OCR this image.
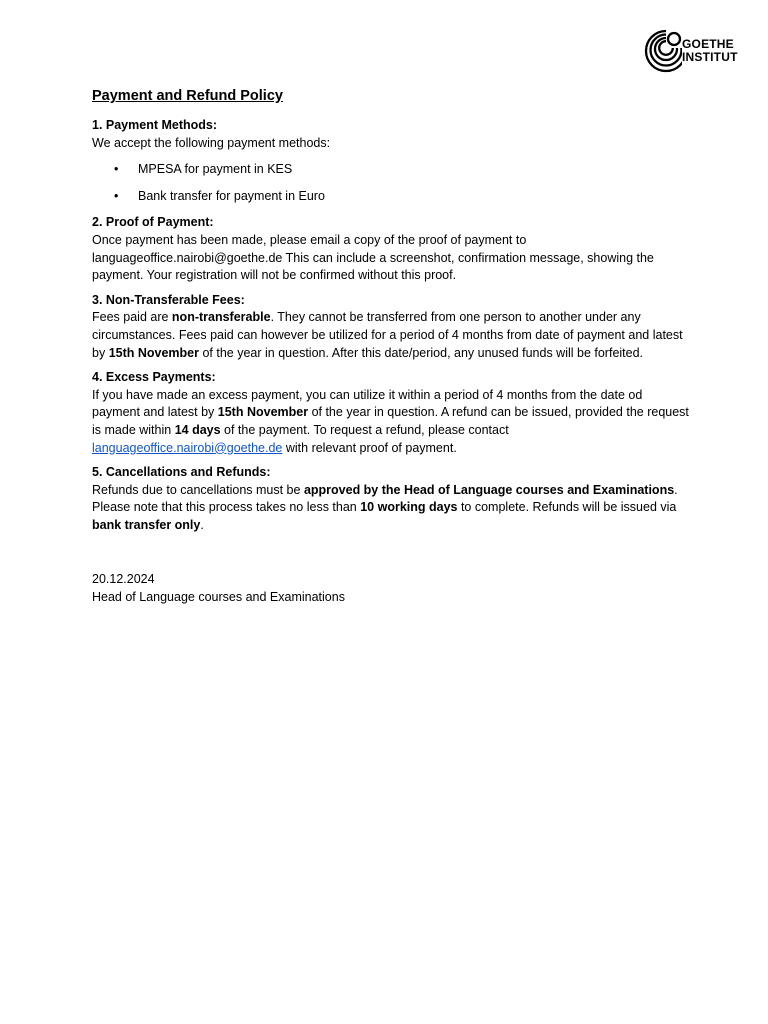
GOETHE
INSTITUT
Payment and Refund Policy
1. Payment Methods:
We accept the following payment methods:
• MPESA for payment in KES
• Bank transfer for payment in Euro
2. Proof of Payment:
Once payment has been made, please email a copy of the proof of payment to languageoffice.nairobi@goethe.de This can include a screenshot, confirmation message, showing the payment. Your registration will not be confirmed without this proof.
3. Non-Transferable Fees:
Fees paid are non-transferable. They cannot be transferred from one person to another under any circumstances. Fees paid can however be utilized for a period of 4 months from date of payment and latest by 15th November of the year in question. After this date/period, any unused funds will be forfeited.
4. Excess Payments:
If you have made an excess payment, you can utilize it within a period of 4 months from the date od payment and latest by 15th November of the year in question. A refund can be issued, provided the request is made within 14 days of the payment. To request a refund, please contact languageoffice.nairobi@goethe.de with relevant proof of payment.
5. Cancellations and Refunds:
Refunds due to cancellations must be approved by the Head of Language courses and Examinations. Please note that this process takes no less than 10 working days to complete. Refunds will be issued via bank transfer only.
20.12.2024
Head of Language courses and Examinations
